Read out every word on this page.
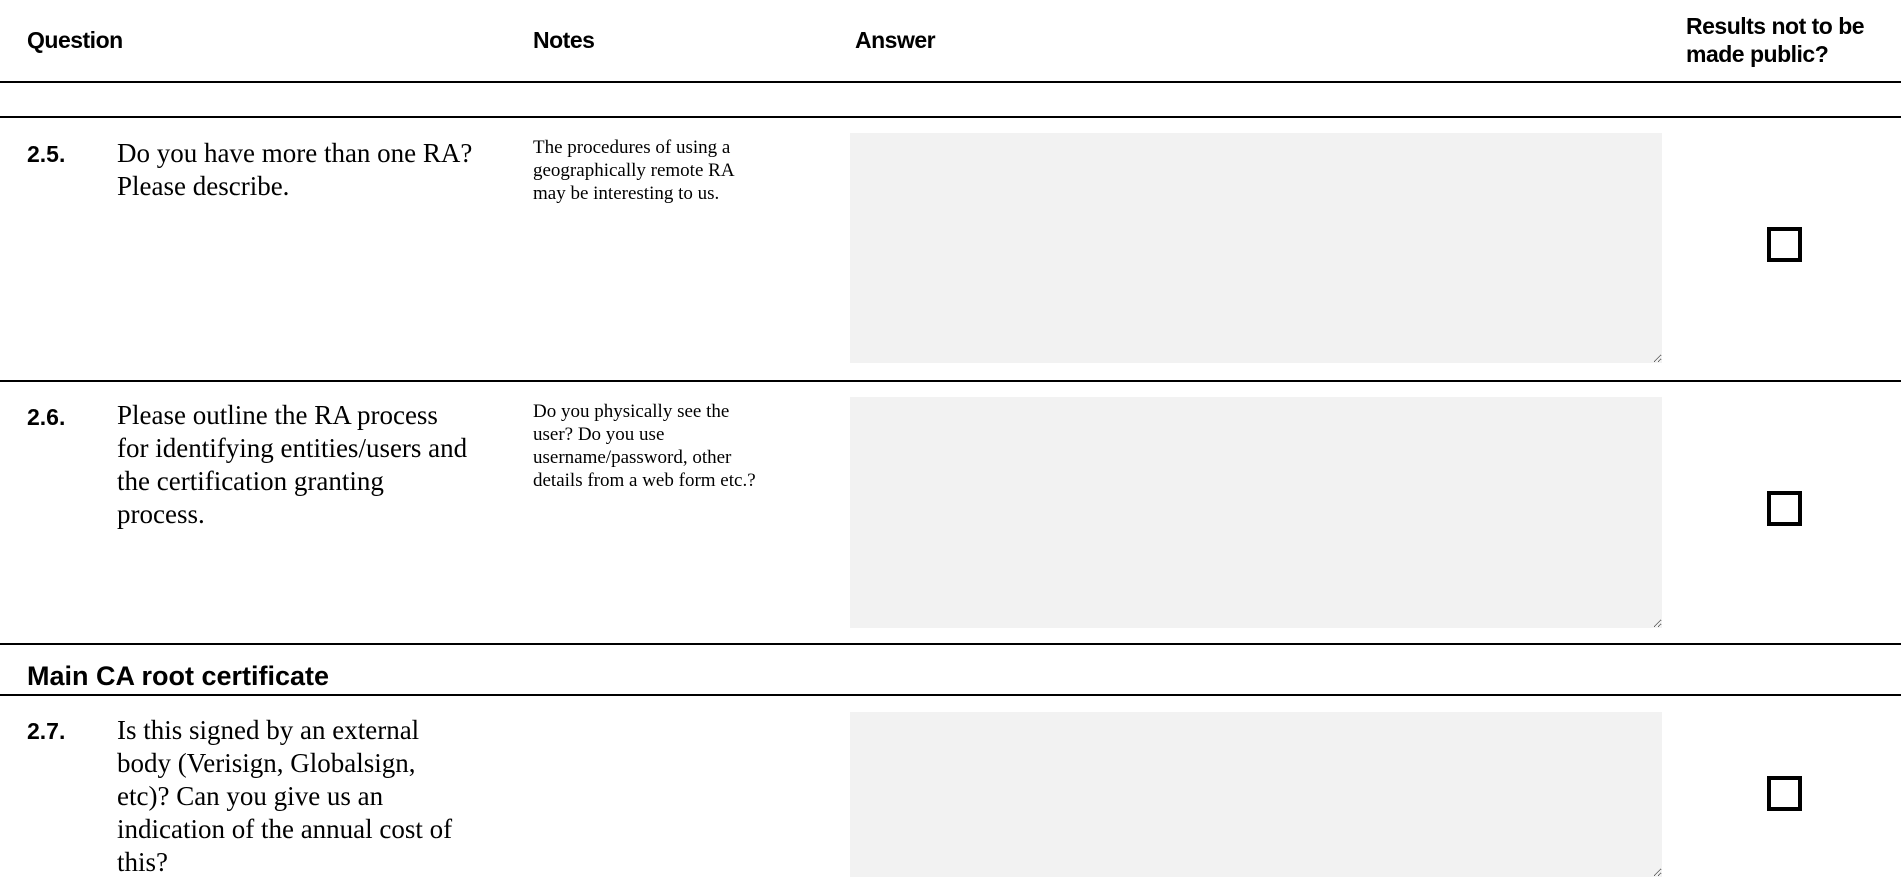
Question	Notes	Answer
Results not to be
made public?
2.5. Do you have more than one RA?
Please describe.
The procedures of using a
geographically remote RA
may be interesting to us.
2.6. Please outline the RA process
for identifying entities/users and
the certification granting
process.
Do you physically see the
user? Do you use
username/password, other
details from a web form etc.?
Main CA root certificate
2.7. Is this signed by an external
body (Verisign, Globalsign,
etc)? Can you give us an
indication of the annual cost of
this?
